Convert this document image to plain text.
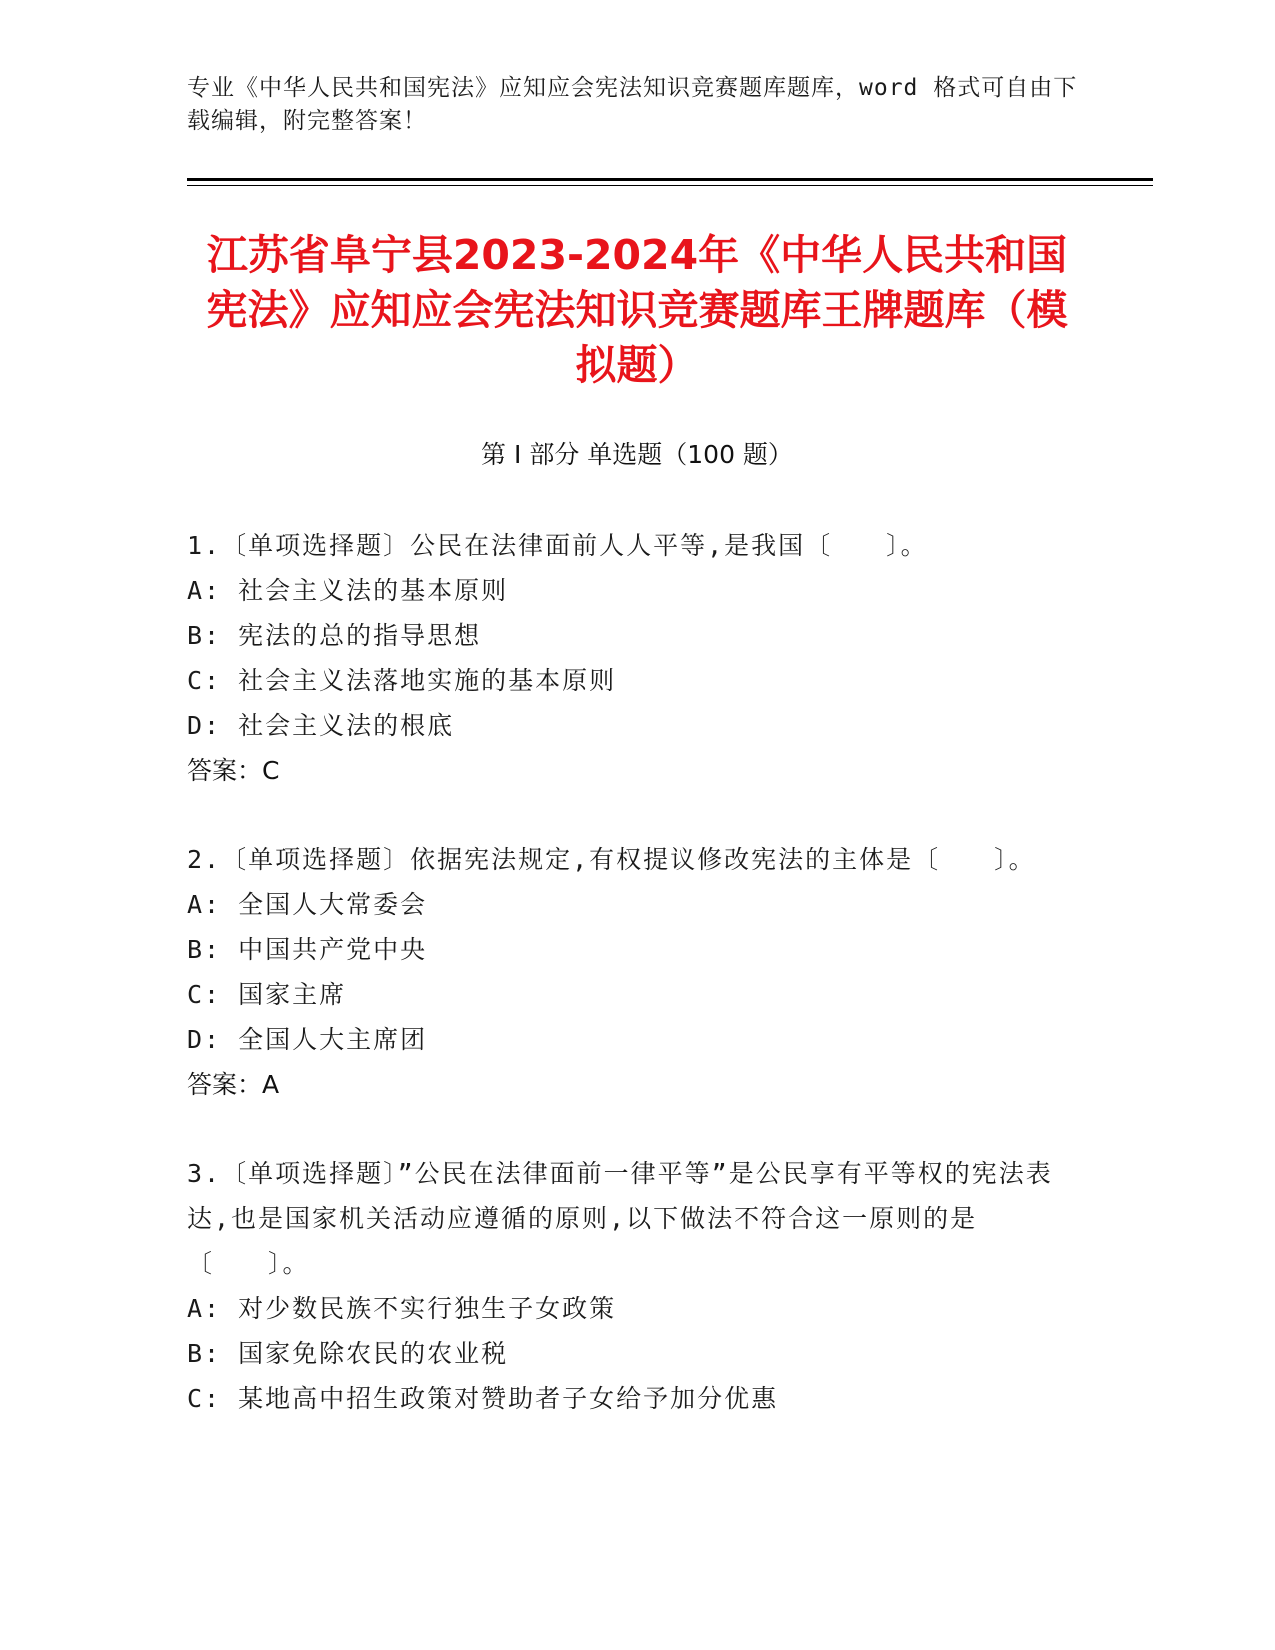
专业《中华人民共和国宪法》应知应会宪法知识竞赛题库题库，word 格式可自由下载编辑，附完整答案！
江苏省阜宁县2023-2024年《中华人民共和国宪法》应知应会宪法知识竞赛题库王牌题库（模拟题）
第 I 部分 单选题（100 题）
1.〔单项选择题〕公民在法律面前人人平等,是我国〔　　〕。
A: 社会主义法的基本原则
B: 宪法的总的指导思想
C: 社会主义法落地实施的基本原则
D: 社会主义法的根底
答案：C
2.〔单项选择题〕依据宪法规定,有权提议修改宪法的主体是〔　　〕。
A: 全国人大常委会
B: 中国共产党中央
C: 国家主席
D: 全国人大主席团
答案：A
3.〔单项选择题〕”公民在法律面前一律平等”是公民享有平等权的宪法表达,也是国家机关活动应遵循的原则,以下做法不符合这一原则的是〔　　〕。
A: 对少数民族不实行独生子女政策
B: 国家免除农民的农业税
C: 某地高中招生政策对赞助者子女给予加分优惠
